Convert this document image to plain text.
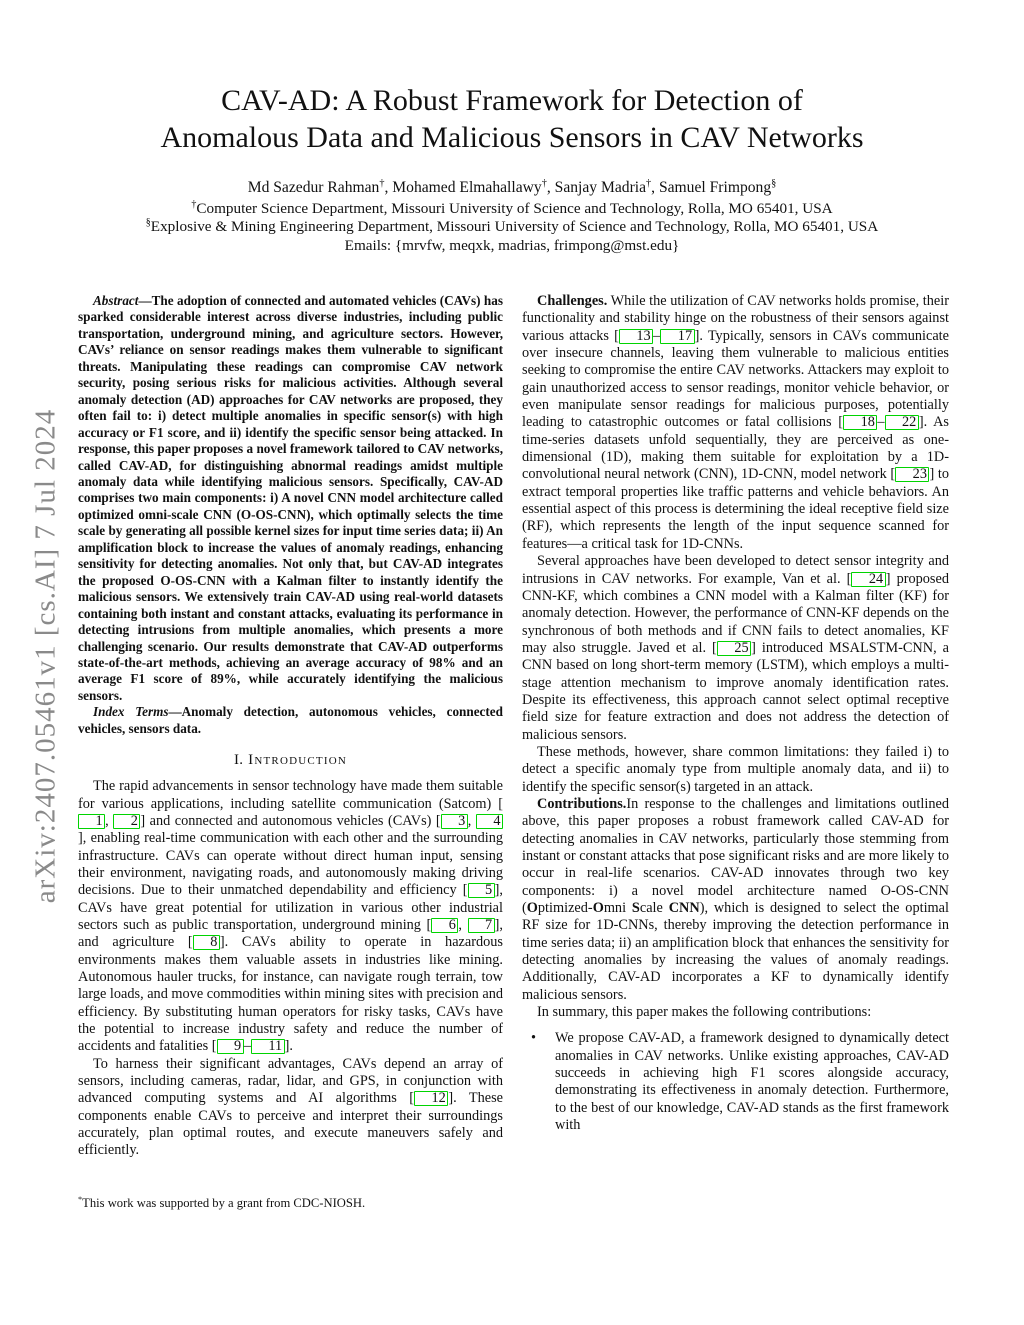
arXiv:2407.05461v1 [cs.AI] 7 Jul 2024
CAV-AD: A Robust Framework for Detection of
Anomalous Data and Malicious Sensors in CAV Networks
Md Sazedur Rahman†, Mohamed Elmahallawy†, Sanjay Madria†, Samuel Frimpong§
†Computer Science Department, Missouri University of Science and Technology, Rolla, MO 65401, USA
§Explosive & Mining Engineering Department, Missouri University of Science and Technology, Rolla, MO 65401, USA
Emails: {mrvfw, meqxk, madrias, frimpong@mst.edu}

Abstract—The adoption of connected and automated vehicles (CAVs) has sparked considerable interest across diverse industries, including public transportation, underground mining, and agriculture sectors. However, CAVs’ reliance on sensor readings makes them vulnerable to significant threats. Manipulating these readings can compromise CAV network security, posing serious risks for malicious activities. Although several anomaly detection (AD) approaches for CAV networks are proposed, they often fail to: i) detect multiple anomalies in specific sensor(s) with high accuracy or F1 score, and ii) identify the specific sensor being attacked. In response, this paper proposes a novel framework tailored to CAV networks, called CAV-AD, for distinguishing abnormal readings amidst multiple anomaly data while identifying malicious sensors. Specifically, CAV-AD comprises two main components: i) A novel CNN model architecture called optimized omni-scale CNN (O-OS-CNN), which optimally selects the time scale by generating all possible kernel sizes for input time series data; ii) An amplification block to increase the values of anomaly readings, enhancing sensitivity for detecting anomalies. Not only that, but CAV-AD integrates the proposed O-OS-CNN with a Kalman filter to instantly identify the malicious sensors. We extensively train CAV-AD using real-world datasets containing both instant and constant attacks, evaluating its performance in detecting intrusions from multiple anomalies, which presents a more challenging scenario. Our results demonstrate that CAV-AD outperforms state-of-the-art methods, achieving an average accuracy of 98% and an average F1 score of 89%, while accurately identifying the malicious sensors.

Index Terms—Anomaly detection, autonomous vehicles, connected vehicles, sensors data.

I. Introduction

The rapid advancements in sensor technology have made them suitable for various applications, including satellite communication (Satcom) [1 , 2 ] and connected and autonomous vehicles (CAVs) [ 3 , 4], enabling real-time communication with each other and the surrounding infrastructure. CAVs can operate without direct human input, sensing their environment, navigating roads, and autonomously making driving decisions. Due to their unmatched dependability and efficiency [ 5 ], CAVs have great potential for utilization in various other industrial sectors such as public transportation, underground mining [ 6 , 7 ], and agriculture [ 8 ]. CAVs ability to operate in hazardous environments makes them valuable assets in industries like mining. Autonomous hauler trucks, for instance, can navigate rough terrain, tow large loads, and move commodities within mining sites with precision and efficiency. By substituting human operators for risky tasks, CAVs have the potential to increase industry safety and reduce the number of accidents and fatalities [ 9 – 11 ].

To harness their significant advantages, CAVs depend an array of sensors, including cameras, radar, lidar, and GPS, in conjunction with advanced computing systems and AI algorithms [ 12 ]. These components enable CAVs to perceive and interpret their surroundings accurately, plan optimal routes, and execute maneuvers safely and efficiently.

Challenges. While the utilization of CAV networks holds promise, their functionality and stability hinge on the robustness of their sensors against various attacks [ 13 – 17 ]. Typically, sensors in CAVs communicate over insecure channels, leaving them vulnerable to malicious entities seeking to compromise the entire CAV networks. Attackers may exploit to gain unauthorized access to sensor readings, monitor vehicle behavior, or even manipulate sensor readings for malicious purposes, potentially leading to catastrophic outcomes or fatal collisions [ 18 – 22 ]. As time-series datasets unfold sequentially, they are perceived as one-dimensional (1D), making them suitable for exploitation by a 1D-convolutional neural network (CNN), 1D-CNN, model network [ 23 ] to extract temporal properties like traffic patterns and vehicle behaviors. An essential aspect of this process is determining the ideal receptive field size (RF), which represents the length of the input sequence scanned for features—a critical task for 1D-CNNs.

Several approaches have been developed to detect sensor integrity and intrusions in CAV networks. For example, Van et al. [ 24 ] proposed CNN-KF, which combines a CNN model with a Kalman filter (KF) for anomaly detection. However, the performance of CNN-KF depends on the synchronous of both methods and if CNN fails to detect anomalies, KF may also struggle. Javed et al. [ 25 ] introduced MSALSTM-CNN, a CNN based on long short-term memory (LSTM), which employs a multi-stage attention mechanism to improve anomaly identification rates. Despite its effectiveness, this approach cannot select optimal receptive field size for feature extraction and does not address the detection of malicious sensors.

These methods, however, share common limitations: they failed i) to detect a specific anomaly type from multiple anomaly data, and ii) to identify the specific sensor(s) targeted in an attack.

Contributions.In response to the challenges and limitations outlined above, this paper proposes a robust framework called CAV-AD for detecting anomalies in CAV networks, particularly those stemming from instant or constant attacks that pose significant risks and are more likely to occur in real-life scenarios. CAV-AD innovates through two key components: i) a novel model architecture named O-OS-CNN (Optimized-Omni Scale CNN), which is designed to select the optimal RF size for 1D-CNNs, thereby improving the detection performance in time series data; ii) an amplification block that enhances the sensitivity for detecting anomalies by increasing the values of anomaly readings. Additionally, CAV-AD incorporates a KF to dynamically identify malicious sensors.

In summary, this paper makes the following contributions:

• We propose CAV-AD, a framework designed to dynamically detect anomalies in CAV networks. Unlike existing approaches, CAV-AD succeeds in achieving high F1 scores alongside accuracy, demonstrating its effectiveness in anomaly detection. Furthermore, to the best of our knowledge, CAV-AD stands as the first framework with
*This work was supported by a grant from CDC-NIOSH.
